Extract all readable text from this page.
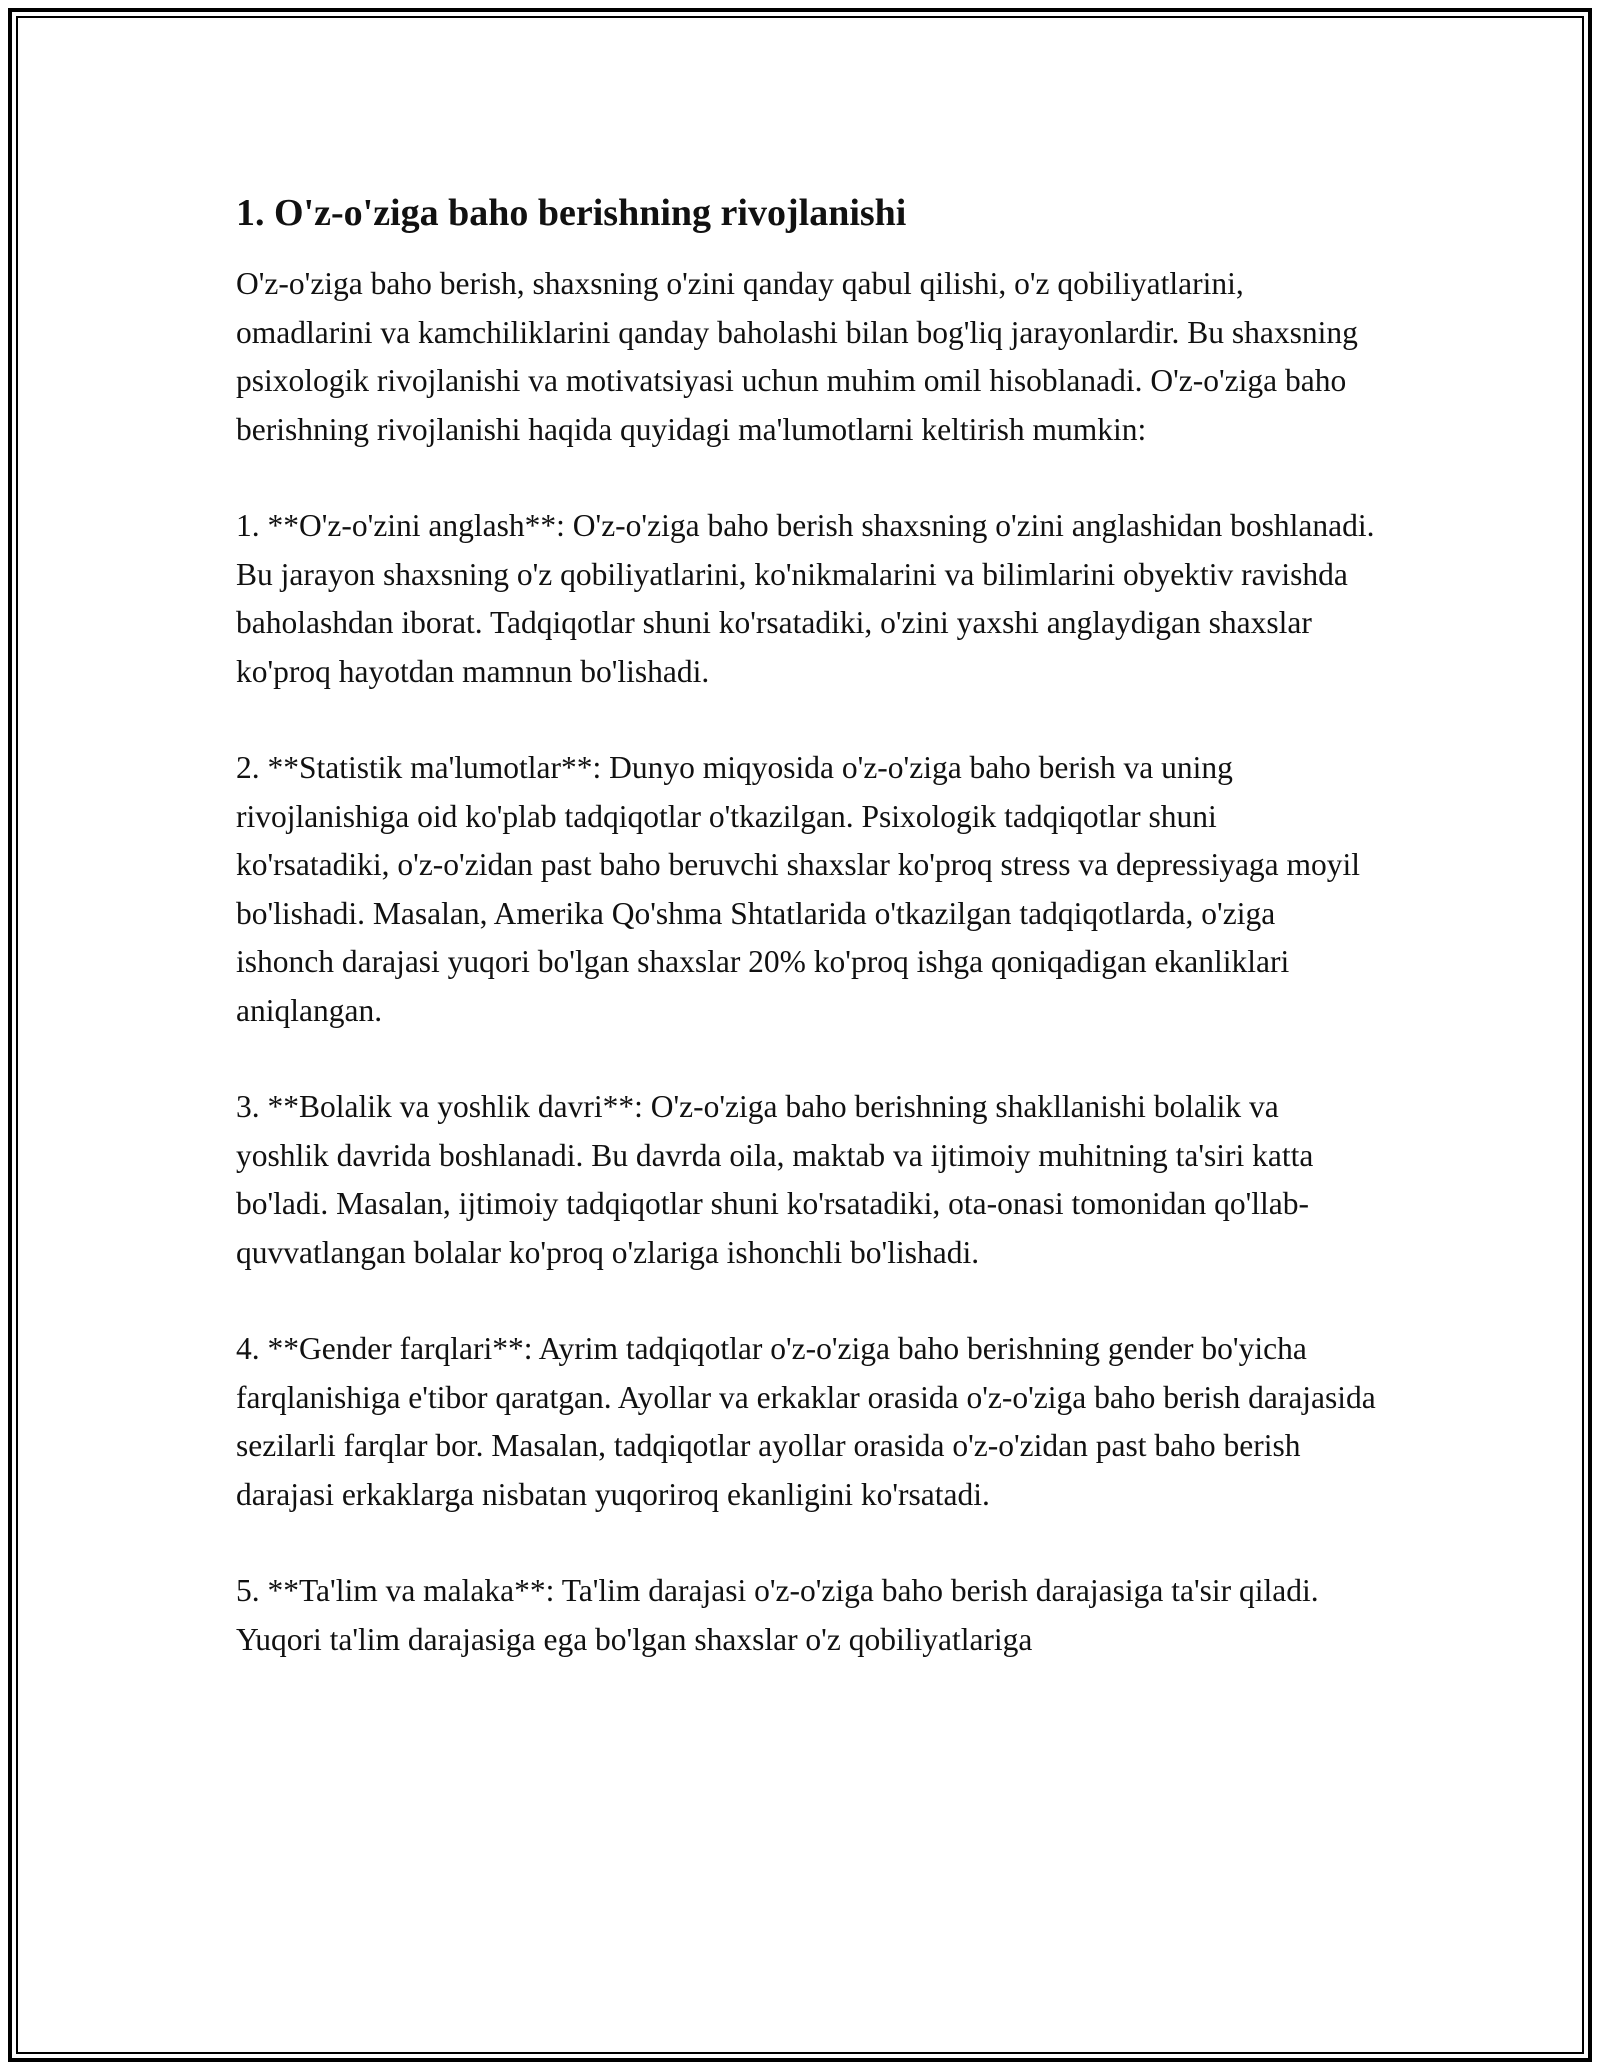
1. O'z-o'ziga baho berishning rivojlanishi

O'z-o'ziga baho berish, shaxsning o'zini qanday qabul qilishi, o'z qobiliyatlarini, omadlarini va kamchiliklarini qanday baholashi bilan bog'liq jarayonlardir. Bu shaxsning psixologik rivojlanishi va motivatsiyasi uchun muhim omil hisoblanadi. O'z-o'ziga baho berishning rivojlanishi haqida quyidagi ma'lumotlarni keltirish mumkin:

1. **O'z-o'zini anglash**: O'z-o'ziga baho berish shaxsning o'zini anglashidan boshlanadi. Bu jarayon shaxsning o'z qobiliyatlarini, ko'nikmalarini va bilimlarini obyektiv ravishda baholashdan iborat. Tadqiqotlar shuni ko'rsatadiki, o'zini yaxshi anglaydigan shaxslar ko'proq hayotdan mamnun bo'lishadi.

2. **Statistik ma'lumotlar**: Dunyo miqyosida o'z-o'ziga baho berish va uning rivojlanishiga oid ko'plab tadqiqotlar o'tkazilgan. Psixologik tadqiqotlar shuni ko'rsatadiki, o'z-o'zidan past baho beruvchi shaxslar ko'proq stress va depressiyaga moyil bo'lishadi. Masalan, Amerika Qo'shma Shtatlarida o'tkazilgan tadqiqotlarda, o'ziga ishonch darajasi yuqori bo'lgan shaxslar 20% ko'proq ishga qoniqadigan ekanliklari aniqlangan.

3. **Bolalik va yoshlik davri**: O'z-o'ziga baho berishning shakllanishi bolalik va yoshlik davrida boshlanadi. Bu davrda oila, maktab va ijtimoiy muhitning ta'siri katta bo'ladi. Masalan, ijtimoiy tadqiqotlar shuni ko'rsatadiki, ota-onasi tomonidan qo'llab-quvvatlangan bolalar ko'proq o'zlariga ishonchli bo'lishadi.

4. **Gender farqlari**: Ayrim tadqiqotlar o'z-o'ziga baho berishning gender bo'yicha farqlanishiga e'tibor qaratgan. Ayollar va erkaklar orasida o'z-o'ziga baho berish darajasida sezilarli farqlar bor. Masalan, tadqiqotlar ayollar orasida o'z-o'zidan past baho berish darajasi erkaklarga nisbatan yuqoriroq ekanligini ko'rsatadi.

5. **Ta'lim va malaka**: Ta'lim darajasi o'z-o'ziga baho berish darajasiga ta'sir qiladi. Yuqori ta'lim darajasiga ega bo'lgan shaxslar o'z qobiliyatlariga
